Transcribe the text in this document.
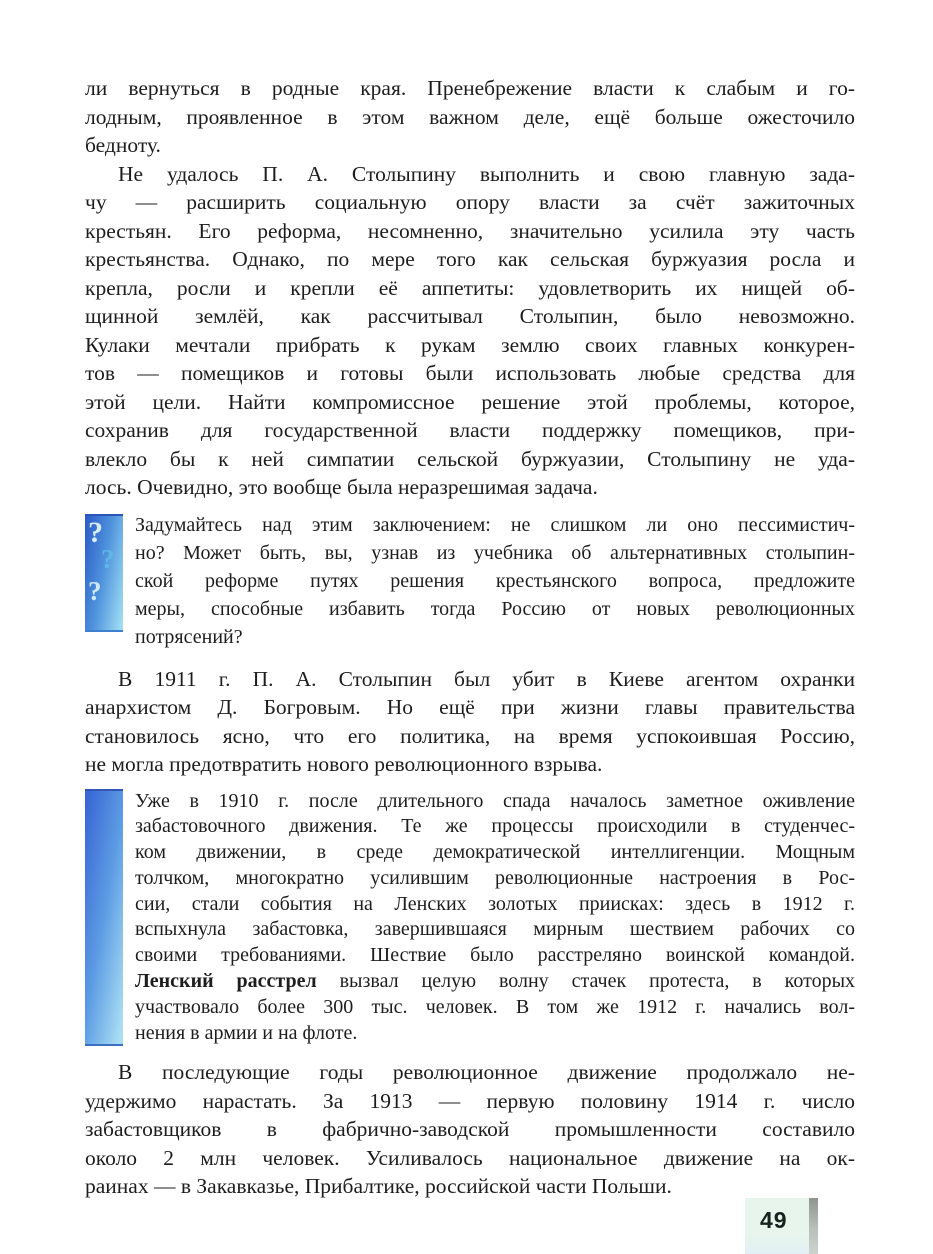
ли вернуться в родные края. Пренебрежение власти к слабым и го-
лодным, проявленное в этом важном деле, ещё больше ожесточило
бедноту.
Не удалось П. А. Столыпину выполнить и свою главную зада-
чу — расширить социальную опору власти за счёт зажиточных
крестьян. Его реформа, несомненно, значительно усилила эту часть
крестьянства. Однако, по мере того как сельская буржуазия росла и
крепла, росли и крепли её аппетиты: удовлетворить их нищей об-
щинной землёй, как рассчитывал Столыпин, было невозможно.
Кулаки мечтали прибрать к рукам землю своих главных конкурен-
тов — помещиков и готовы были использовать любые средства для
этой цели. Найти компромиссное решение этой проблемы, которое,
сохранив для государственной власти поддержку помещиков, при-
влекло бы к ней симпатии сельской буржуазии, Столыпину не уда-
лось. Очевидно, это вообще была неразрешимая задача.
?
?
?
Задумайтесь над этим заключением: не слишком ли оно пессимистич-
но? Может быть, вы, узнав из учебника об альтернативных столыпин-
ской реформе путях решения крестьянского вопроса, предложите
меры, способные избавить тогда Россию от новых революционных
потрясений?
В 1911 г. П. А. Столыпин был убит в Киеве агентом охранки
анархистом Д. Богровым. Но ещё при жизни главы правительства
становилось ясно, что его политика, на время успокоившая Россию,
не могла предотвратить нового революционного взрыва.
Уже в 1910 г. после длительного спада началось заметное оживление
забастовочного движения. Те же процессы происходили в студенчес-
ком движении, в среде демократической интеллигенции. Мощным
толчком, многократно усилившим революционные настроения в Рос-
сии, стали события на Ленских золотых приисках: здесь в 1912 г.
вспыхнула забастовка, завершившаяся мирным шествием рабочих со
своими требованиями. Шествие было расстреляно воинской командой.
Ленский расстрел вызвал целую волну стачек протеста, в которых
участвовало более 300 тыс. человек. В том же 1912 г. начались вол-
нения в армии и на флоте.
В последующие годы революционное движение продолжало не-
удержимо нарастать. За 1913 — первую половину 1914 г. число
забастовщиков в фабрично-заводской промышленности составило
около 2 млн человек. Усиливалось национальное движение на ок-
раинах — в Закавказье, Прибалтике, российской части Польши.
49
